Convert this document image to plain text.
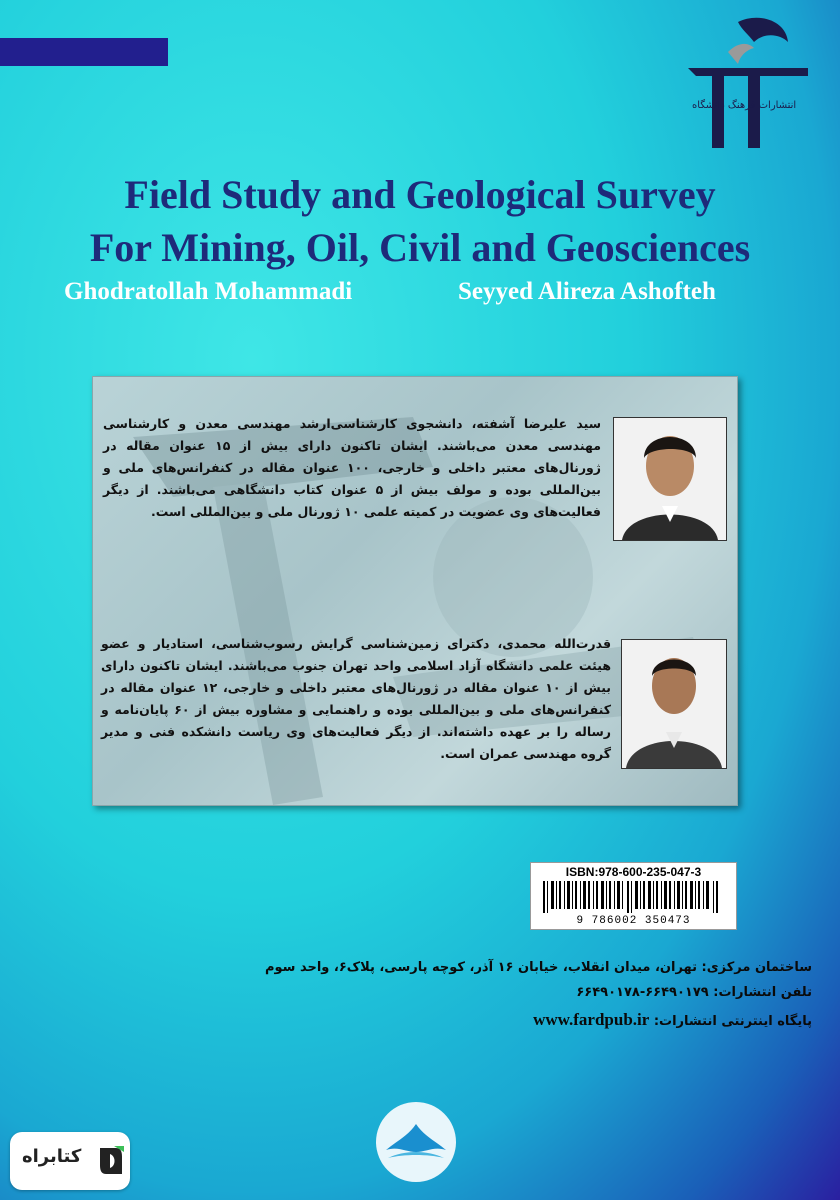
انتشارات فرهنگ دانشگاه
Field Study and Geological Survey
For Mining, Oil, Civil and Geosciences
Ghodratollah Mohammadi	Seyyed Alireza Ashofteh

سید علیرضا آشفته، دانشجوی کارشناسی‌ارشد مهندسی معدن و کارشناسی مهندسی معدن می‌باشند. ایشان تاکنون دارای بیش از ۱۵ عنوان مقاله در ژورنال‌های معتبر داخلی و خارجی، ۱۰۰ عنوان مقاله در کنفرانس‌های ملی و بین‌المللی بوده و مولف بیش از ۵ عنوان کتاب دانشگاهی می‌باشند. از دیگر فعالیت‌های وی عضویت در کمیته علمی ۱۰ ژورنال ملی و بین‌المللی است.

قدرت‌الله محمدی، دکترای زمین‌شناسی گرایش رسوب‌شناسی، استادیار و عضو هیئت علمی دانشگاه آزاد اسلامی واحد تهران جنوب می‌باشند. ایشان تاکنون دارای بیش از ۱۰ عنوان مقاله در ژورنال‌های معتبر داخلی و خارجی، ۱۲ عنوان مقاله در کنفرانس‌های ملی و بین‌المللی بوده و راهنمایی و مشاوره بیش از ۶۰ پایان‌نامه و رساله را بر عهده داشته‌اند. از دیگر فعالیت‌های وی ریاست دانشکده فنی و مدیر گروه مهندسی عمران است.

ISBN:978-600-235-047-3
9 786002 350473

ساختمان مرکزی: تهران، میدان انقلاب، خیابان ۱۶ آذر، کوچه پارسی، پلاک۶، واحد سوم

تلفن انتشارات: ۶۶۴۹۰۱۷۹-۶۶۴۹۰۱۷۸

پایگاه اینترنتی انتشارات: www.fardpub.ir

کتابراه
